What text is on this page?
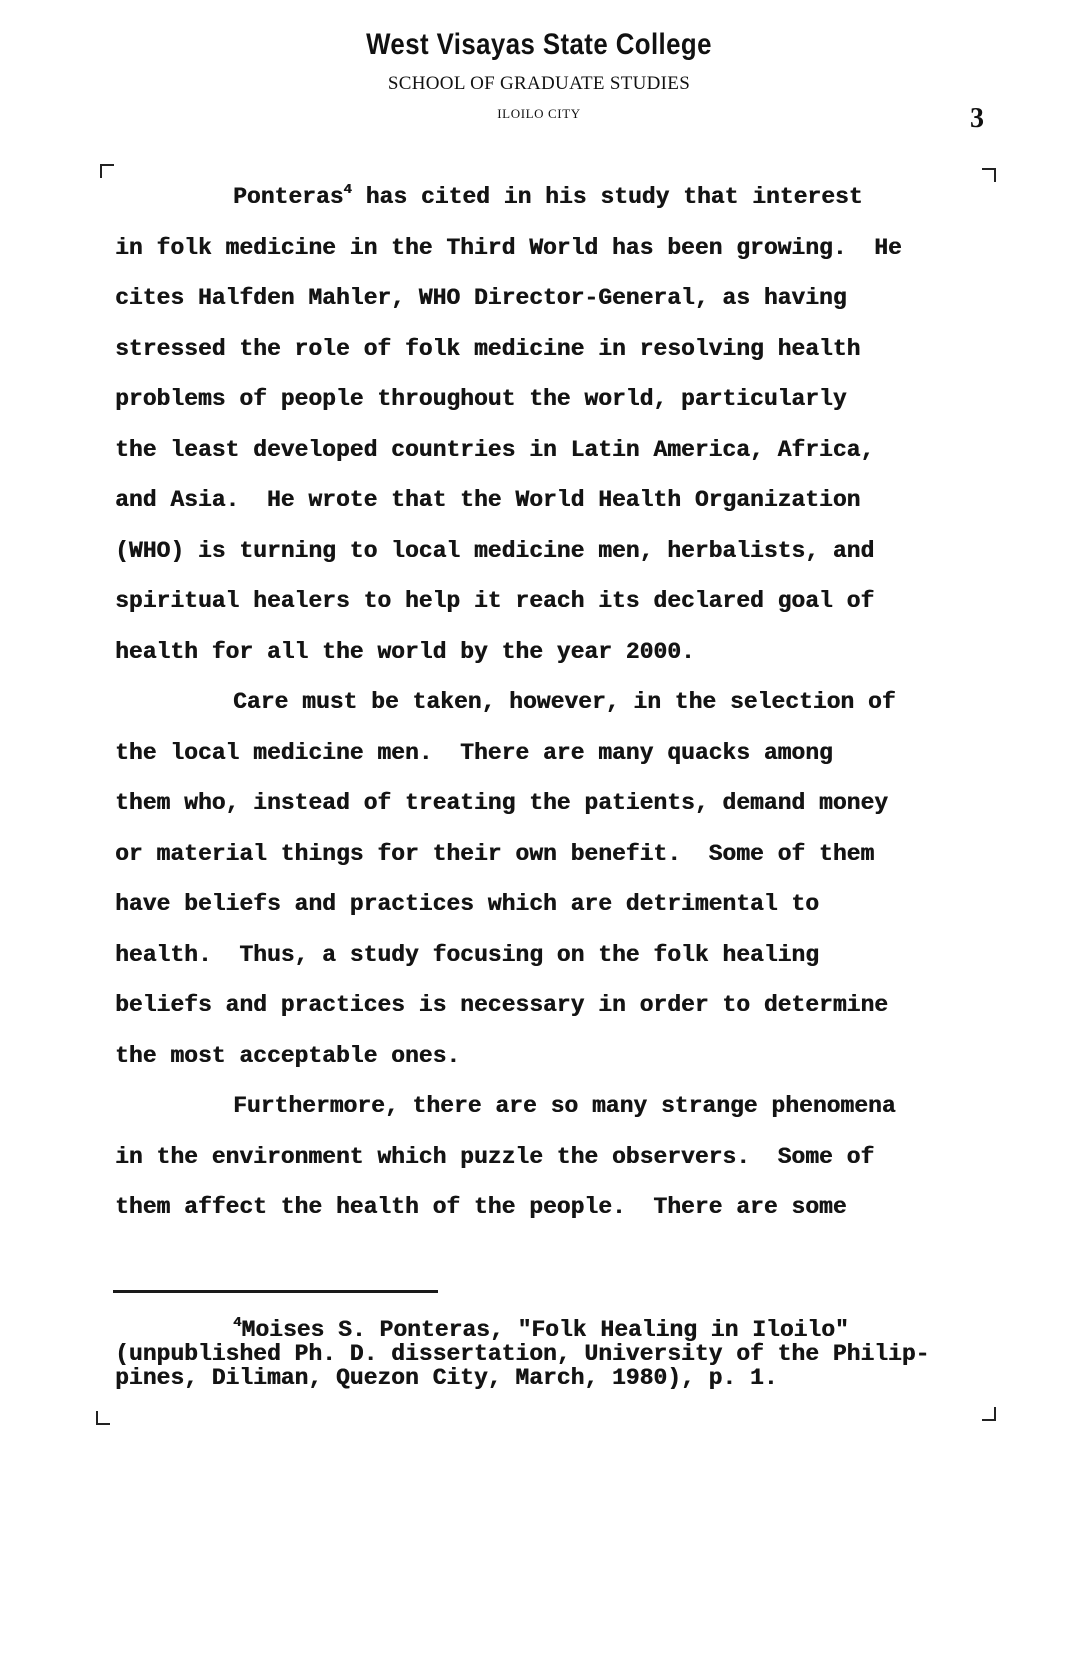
West Visayas State College
SCHOOL OF GRADUATE STUDIES
ILOILO CITY	3
Ponteras$^4$ has cited in his study that interest
in folk medicine in the Third World has been growing.  He
cites Halfden Mahler, WHO Director-General, as having
stressed the role of folk medicine in resolving health
problems of people throughout the world, particularly
the least developed countries in Latin America, Africa,
and Asia.  He wrote that the World Health Organization
(WHO) is turning to local medicine men, herbalists, and
spiritual healers to help it reach its declared goal of
health for all the world by the year 2000.
Care must be taken, however, in the selection of
the local medicine men.  There are many quacks among
them who, instead of treating the patients, demand money
or material things for their own benefit.  Some of them
have beliefs and practices which are detrimental to
health.  Thus, a study focusing on the folk healing
beliefs and practices is necessary in order to determine
the most acceptable ones.
Furthermore, there are so many strange phenomena
in the environment which puzzle the observers.  Some of
them affect the health of the people.  There are some
$^4$Moises S. Ponteras, "Folk Healing in Iloilo"
(unpublished Ph. D. dissertation, University of the Philip-
pines, Diliman, Quezon City, March, 1980), p. 1.
